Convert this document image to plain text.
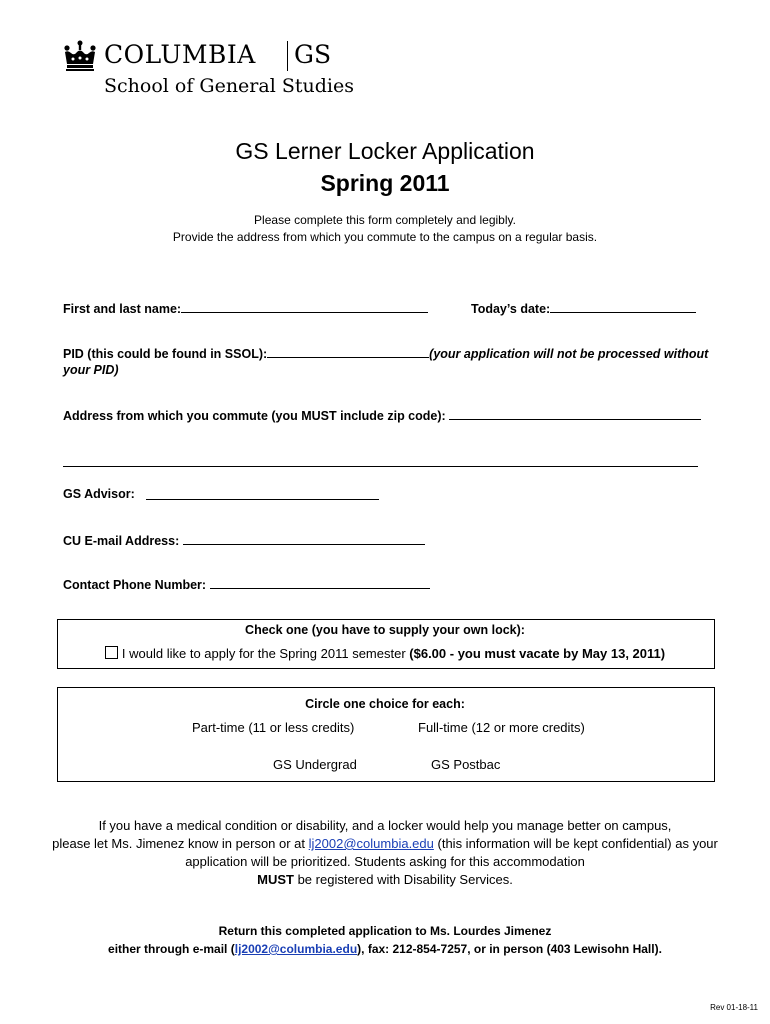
COLUMBIA GS
School of General Studies
GS Lerner Locker Application
Spring 2011
Please complete this form completely and legibly.
Provide the address from which you commute to the campus on a regular basis.
First and last name:	Today’s date:
PID (this could be found in SSOL):	(your application will not be processed without
your PID)
Address from which you commute (you MUST include zip code):
GS Advisor:
CU E-mail Address:
Contact Phone Number:
Check one (you have to supply your own lock):
I would like to apply for the Spring 2011 semester ($6.00 - you must vacate by May 13, 2011)
Circle one choice for each:
Part-time (11 or less credits)	Full-time (12 or more credits)
GS Undergrad	GS Postbac
If you have a medical condition or disability, and a locker would help you manage better on campus,
please let Ms. Jimenez know in person or at lj2002@columbia.edu (this information will be kept confidential) as your
application will be prioritized. Students asking for this accommodation
MUST be registered with Disability Services.
Return this completed application to Ms. Lourdes Jimenez
either through e-mail (lj2002@columbia.edu), fax: 212-854-7257, or in person (403 Lewisohn Hall).
Rev 01-18-11
